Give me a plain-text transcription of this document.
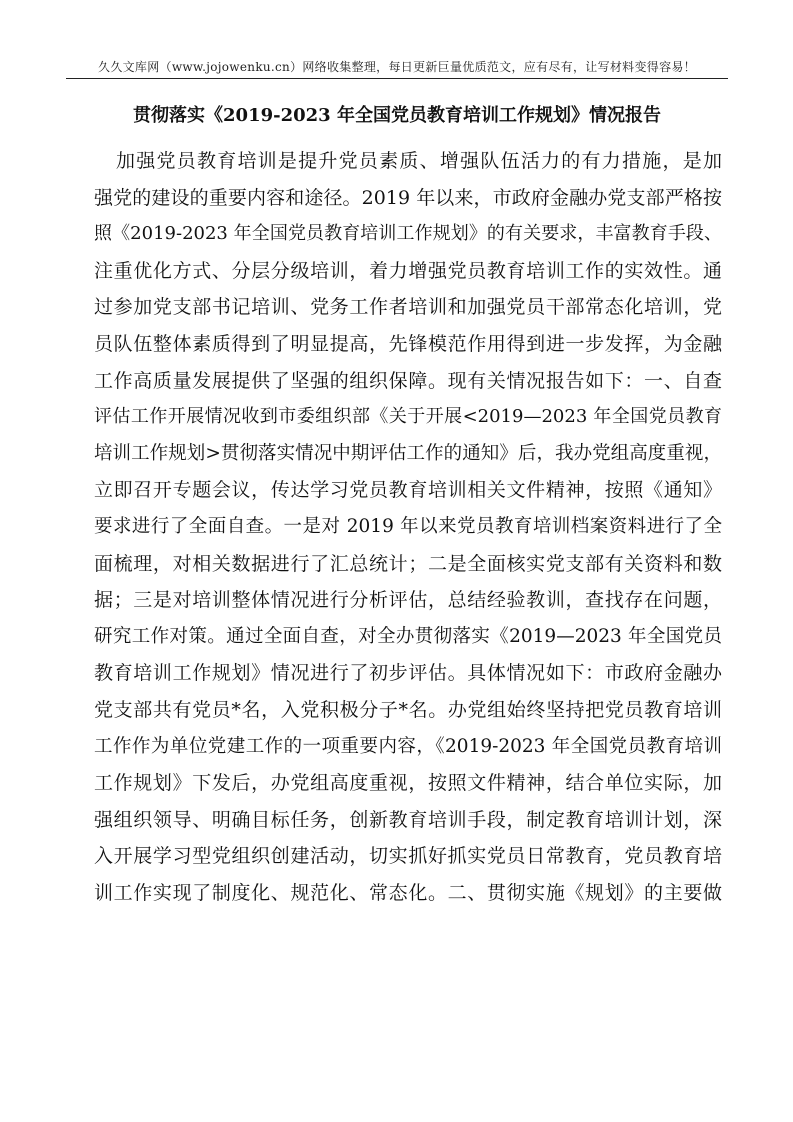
久久文库网（www.jojowenku.cn）网络收集整理，每日更新巨量优质范文，应有尽有，让写材料变得容易！
贯彻落实《2019-2023 年全国党员教育培训工作规划》情况报告
加强党员教育培训是提升党员素质、增强队伍活力的有力措施，是加
强党的建设的重要内容和途径。2019 年以来，市政府金融办党支部严格按
照《2019-2023 年全国党员教育培训工作规划》的有关要求，丰富教育手段、
注重优化方式、分层分级培训，着力增强党员教育培训工作的实效性。通
过参加党支部书记培训、党务工作者培训和加强党员干部常态化培训，党
员队伍整体素质得到了明显提高，先锋模范作用得到进一步发挥，为金融
工作高质量发展提供了坚强的组织保障。现有关情况报告如下：一、自查
评估工作开展情况收到市委组织部《关于开展<2019—2023 年全国党员教育
培训工作规划>贯彻落实情况中期评估工作的通知》后，我办党组高度重视，
立即召开专题会议，传达学习党员教育培训相关文件精神，按照《通知》
要求进行了全面自查。一是对 2019 年以来党员教育培训档案资料进行了全
面梳理，对相关数据进行了汇总统计；二是全面核实党支部有关资料和数
据；三是对培训整体情况进行分析评估，总结经验教训，查找存在问题，
研究工作对策。通过全面自查，对全办贯彻落实《2019—2023 年全国党员
教育培训工作规划》情况进行了初步评估。具体情况如下：市政府金融办
党支部共有党员*名，入党积极分子*名。办党组始终坚持把党员教育培训
工作作为单位党建工作的一项重要内容，《2019-2023 年全国党员教育培训
工作规划》下发后，办党组高度重视，按照文件精神，结合单位实际，加
强组织领导、明确目标任务，创新教育培训手段，制定教育培训计划，深
入开展学习型党组织创建活动，切实抓好抓实党员日常教育，党员教育培
训工作实现了制度化、规范化、常态化。二、贯彻实施《规划》的主要做
